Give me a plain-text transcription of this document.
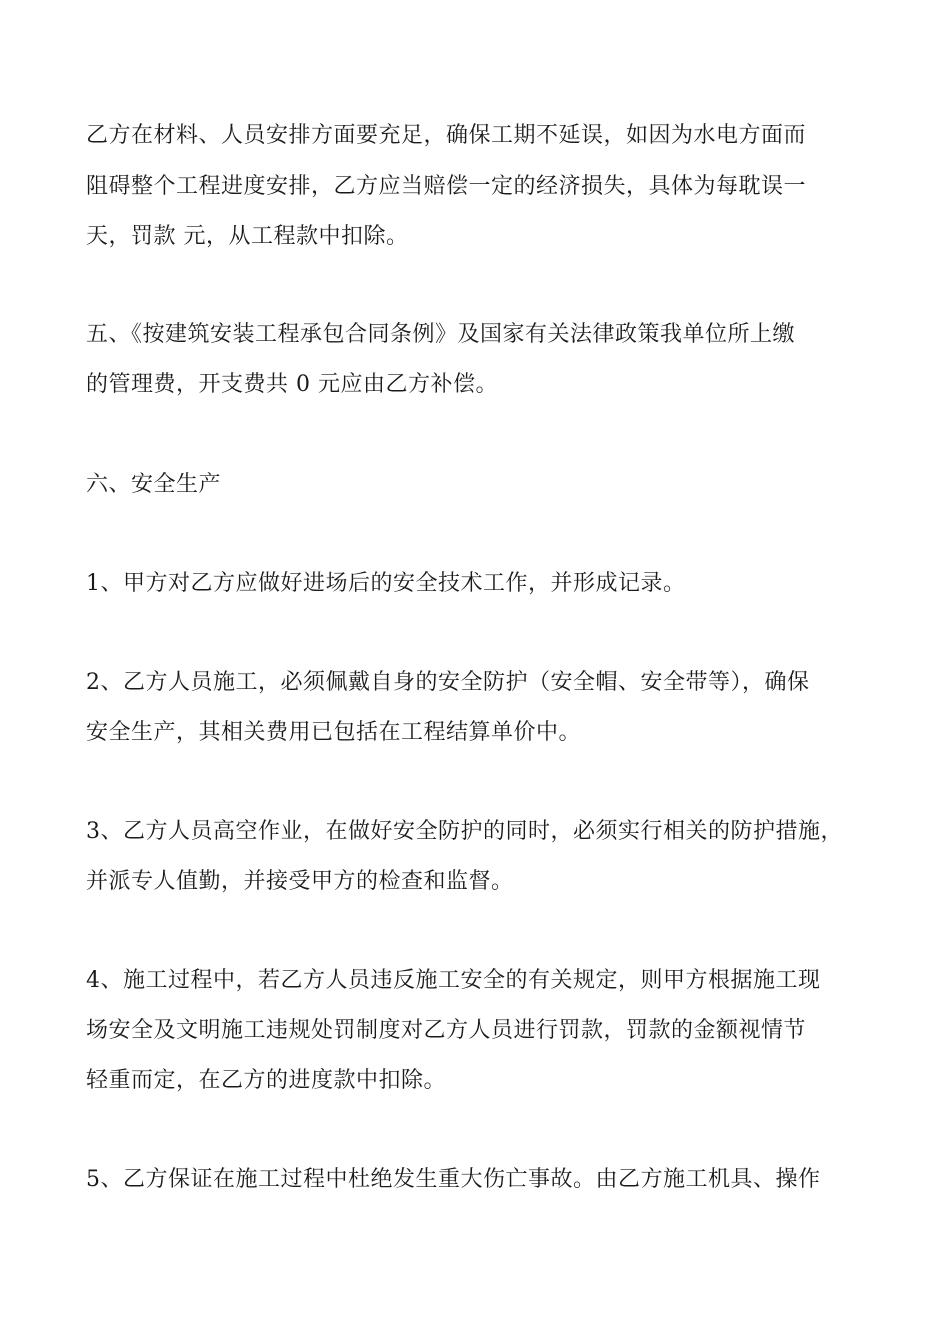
乙方在材料、人员安排方面要充足，确保工期不延误，如因为水电方面而
阻碍整个工程进度安排，乙方应当赔偿一定的经济损失，具体为每耽误一
天，罚款 元，从工程款中扣除。
五、《按建筑安装工程承包合同条例》及国家有关法律政策我单位所上缴
的管理费，开支费共 0 元应由乙方补偿。
六、安全生产
1、甲方对乙方应做好进场后的安全技术工作，并形成记录。
2、乙方人员施工，必须佩戴自身的安全防护（安全帽、安全带等），确保
安全生产，其相关费用已包括在工程结算单价中。
3、乙方人员高空作业，在做好安全防护的同时，必须实行相关的防护措施，
并派专人值勤，并接受甲方的检查和监督。
4、施工过程中，若乙方人员违反施工安全的有关规定，则甲方根据施工现
场安全及文明施工违规处罚制度对乙方人员进行罚款，罚款的金额视情节
轻重而定，在乙方的进度款中扣除。
5、乙方保证在施工过程中杜绝发生重大伤亡事故。由乙方施工机具、操作
